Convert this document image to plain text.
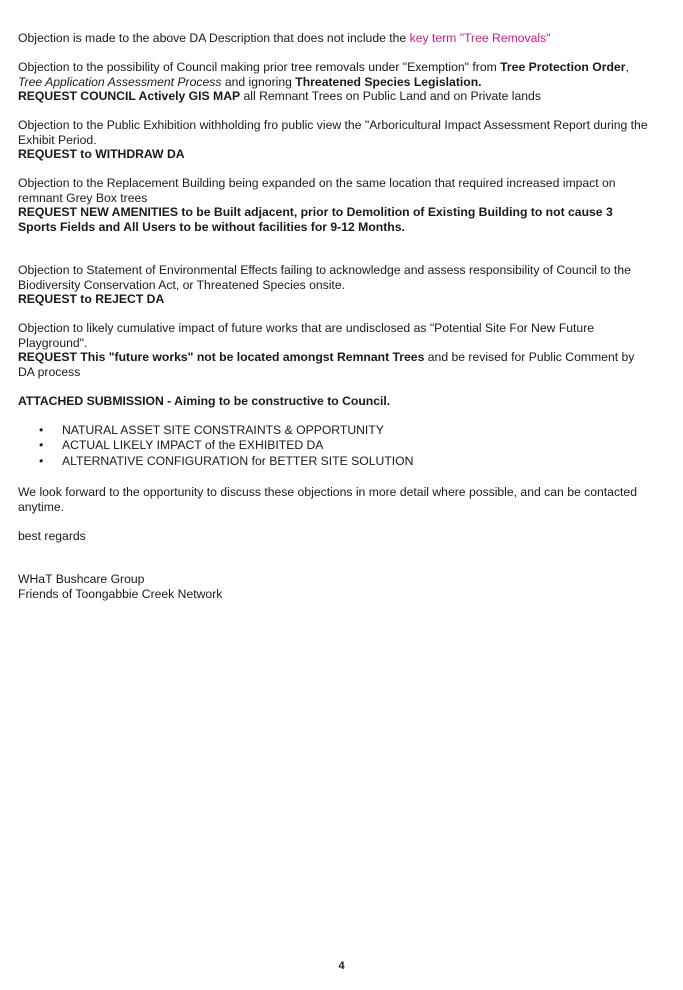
Objection is made to the above DA Description that does not include the key term "Tree Removals"

Objection to the possibility of Council making prior tree removals under "Exemption" from Tree Protection Order,
Tree Application Assessment Process and ignoring Threatened Species Legislation.
REQUEST COUNCIL Actively GIS MAP all Remnant Trees on Public Land and on Private lands

Objection to the Public Exhibition withholding fro public view the "Arboricultural Impact Assessment Report during the
Exhibit Period.
REQUEST to WITHDRAW DA

Objection to the Replacement Building being expanded on the same location that required increased impact on
remnant Grey Box trees
REQUEST NEW AMENITIES to be Built adjacent, prior to Demolition of Existing Building to not cause 3
Sports Fields and All Users to be without facilities for 9-12 Months.

Objection to Statement of Environmental Effects failing to acknowledge and assess responsibility of Council to the
Biodiversity Conservation Act, or Threatened Species onsite.
REQUEST to REJECT DA

Objection to likely cumulative impact of future works that are undisclosed as "Potential Site For New Future
Playground".
REQUEST This "future works" not be located amongst Remnant Trees and be revised for Public Comment by
DA process

ATTACHED SUBMISSION - Aiming to be constructive to Council.

• NATURAL ASSET SITE CONSTRAINTS & OPPORTUNITY
• ACTUAL LIKELY IMPACT of the EXHIBITED DA
• ALTERNATIVE CONFIGURATION for BETTER SITE SOLUTION

We look forward to the opportunity to discuss these objections in more detail where possible, and can be contacted
anytime.

best regards

WHaT Bushcare Group
Friends of Toongabbie Creek Network

4
